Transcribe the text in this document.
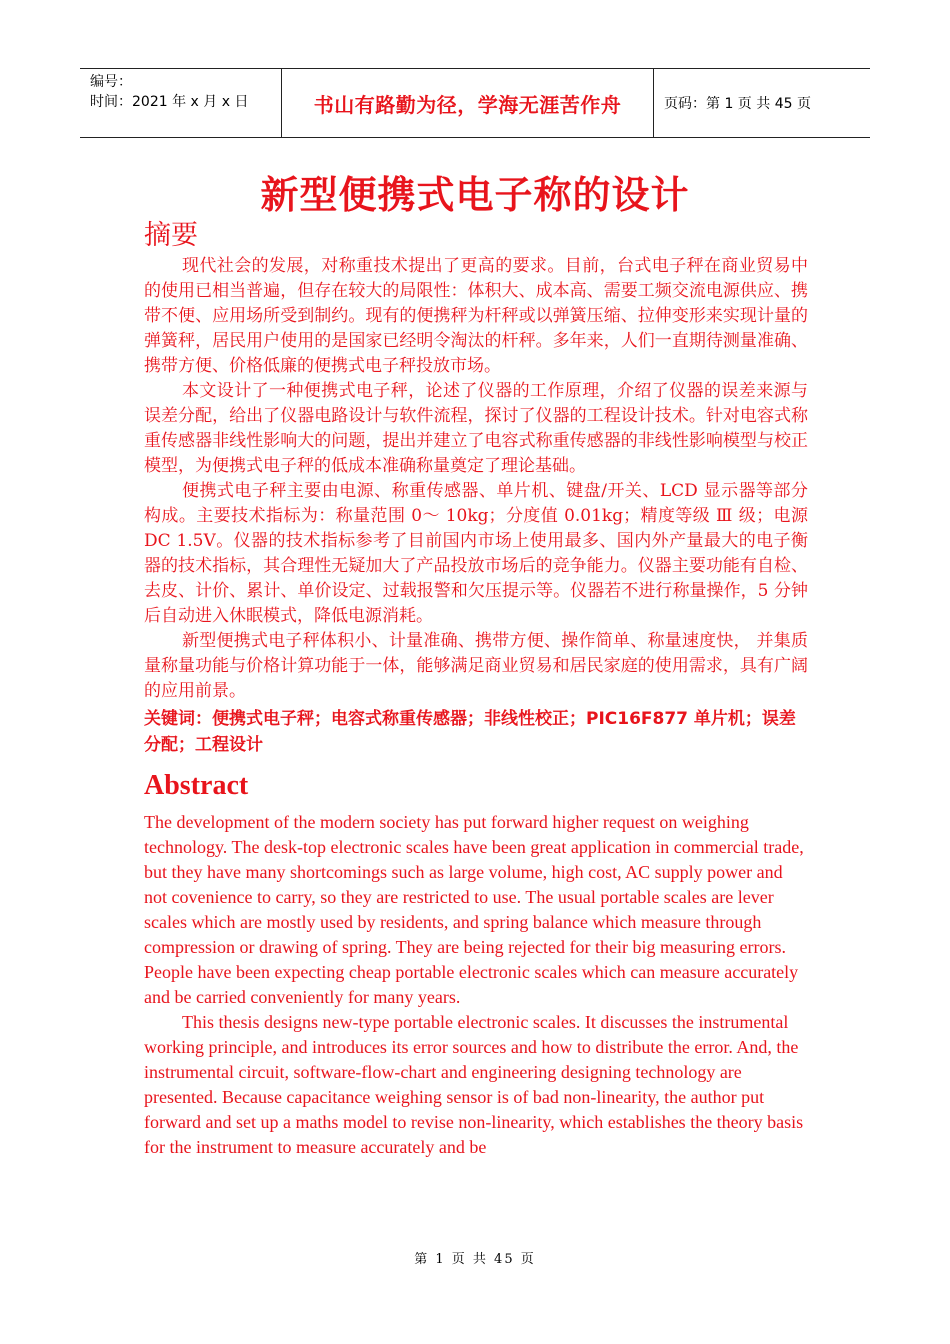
编号：
时间：2021 年 x 月 x 日	书山有路勤为径，学海无涯苦作舟	页码：第 1 页 共 45 页
新型便携式电子称的设计
摘要

现代社会的发展，对称重技术提出了更高的要求。目前，台式电子秤在商业贸易中的使用已相当普遍，但存在较大的局限性：体积大、成本高、需要工频交流电源供应、携带不便、应用场所受到制约。现有的便携秤为杆秤或以弹簧压缩、拉伸变形来实现计量的弹簧秤，居民用户使用的是国家已经明令淘汰的杆秤。多年来，人们一直期待测量准确、携带方便、价格低廉的便携式电子秤投放市场。

本文设计了一种便携式电子秤，论述了仪器的工作原理，介绍了仪器的误差来源与误差分配，给出了仪器电路设计与软件流程，探讨了仪器的工程设计技术。针对电容式称重传感器非线性影响大的问题，提出并建立了电容式称重传感器的非线性影响模型与校正模型，为便携式电子秤的低成本准确称量奠定了理论基础。

便携式电子秤主要由电源、称重传感器、单片机、键盘/开关、LCD 显示器等部分构成。主要技术指标为：称量范围 0～ 10kg；分度值 0.01kg；精度等级 Ⅲ 级；电源 DC 1.5V。仪器的技术指标参考了目前国内市场上使用最多、国内外产量最大的电子衡器的技术指标，其合理性无疑加大了产品投放市场后的竞争能力。仪器主要功能有自检、去皮、计价、累计、单价设定、过载报警和欠压提示等。仪器若不进行称量操作，5 分钟后自动进入休眠模式，降低电源消耗。

新型便携式电子秤体积小、计量准确、携带方便、操作简单、称量速度快， 并集质量称量功能与价格计算功能于一体，能够满足商业贸易和居民家庭的使用需求，具有广阔的应用前景。

关键词：便携式电子秤；电容式称重传感器；非线性校正；PIC16F877 单片机；误差分配；工程设计

Abstract

The development of the modern society has put forward higher request on weighing technology. The desk-top electronic scales have been great application in commercial trade, but they have many shortcomings such as large volume, high cost, AC supply power and not covenience to carry, so they are restricted to use. The usual portable scales are lever scales which are mostly used by residents, and spring balance which measure through compression or drawing of spring. They are being rejected for their big measuring errors. People have been expecting cheap portable electronic scales which can measure accurately and be carried conveniently for many years.

This thesis designs new-type portable electronic scales. It discusses the instrumental working principle, and introduces its error sources and how to distribute the error. And, the instrumental circuit, software-flow-chart and engineering designing technology are presented. Because capacitance weighing sensor is of bad non-linearity, the author put forward and set up a maths model to revise non-linearity, which establishes the theory basis for the instrument to measure accurately and be

第 1 页 共 45 页
